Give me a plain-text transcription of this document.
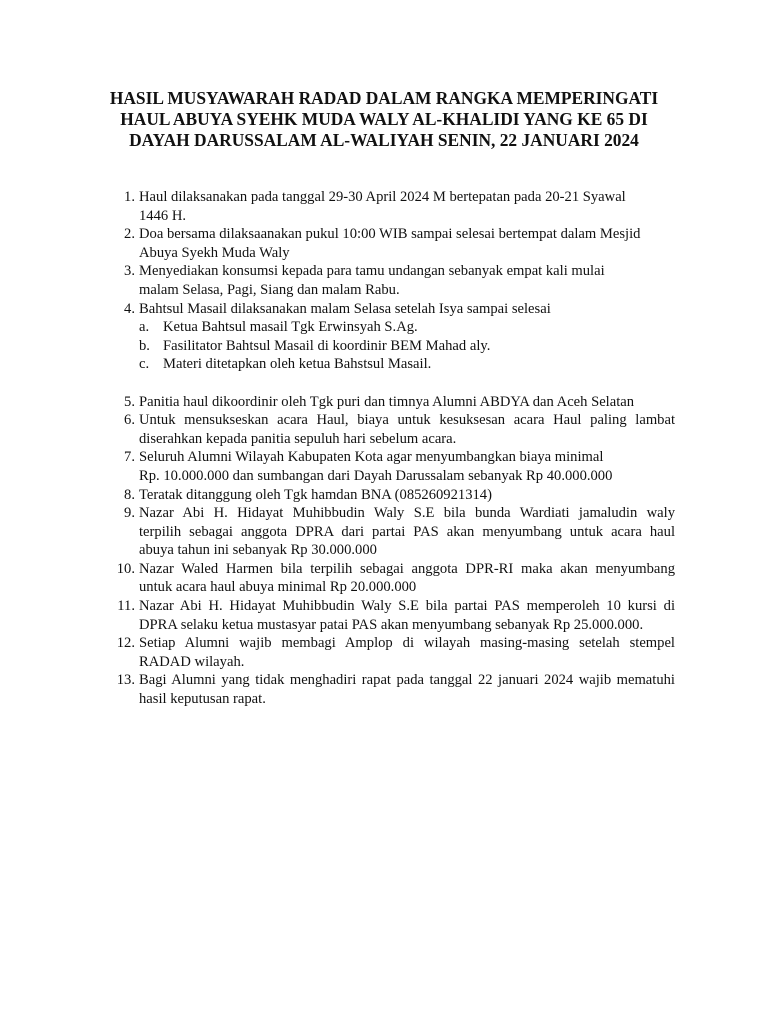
HASIL MUSYAWARAH RADAD DALAM RANGKA MEMPERINGATI
HAUL ABUYA SYEHK MUDA WALY AL-KHALIDI YANG KE 65 DI
DAYAH DARUSSALAM AL-WALIYAH SENIN, 22 JANUARI 2024
1. Haul dilaksanakan pada tanggal 29-30 April 2024 M bertepatan pada 20-21 Syawal
1446 H.
2. Doa bersama dilaksaanakan pukul 10:00 WIB sampai selesai bertempat dalam Mesjid
Abuya Syekh Muda Waly
3. Menyediakan konsumsi kepada para tamu undangan sebanyak empat kali mulai
malam Selasa, Pagi, Siang dan malam Rabu.
4. Bahtsul Masail dilaksanakan malam Selasa setelah Isya sampai selesai
a. Ketua Bahtsul masail Tgk Erwinsyah S.Ag.
b. Fasilitator Bahtsul Masail di koordinir BEM Mahad aly.
c. Materi ditetapkan oleh ketua Bahstsul Masail.
5. Panitia haul dikoordinir oleh Tgk puri dan timnya Alumni ABDYA dan Aceh Selatan
6. Untuk mensukseskan acara Haul, biaya untuk kesuksesan acara Haul paling lambat
diserahkan kepada panitia sepuluh hari sebelum acara.
7. Seluruh Alumni Wilayah Kabupaten Kota agar menyumbangkan biaya minimal
Rp. 10.000.000 dan sumbangan dari Dayah Darussalam sebanyak Rp 40.000.000
8. Teratak ditanggung oleh Tgk hamdan BNA (085260921314)
9. Nazar Abi H. Hidayat Muhibbudin Waly S.E bila bunda Wardiati jamaludin waly
terpilih sebagai anggota DPRA dari partai PAS akan menyumbang untuk acara haul
abuya tahun ini sebanyak Rp 30.000.000
10. Nazar Waled Harmen bila terpilih sebagai anggota DPR-RI maka akan menyumbang
untuk acara haul abuya minimal Rp 20.000.000
11. Nazar Abi H. Hidayat Muhibbudin Waly S.E bila partai PAS memperoleh 10 kursi di
DPRA selaku ketua mustasyar patai PAS akan menyumbang sebanyak Rp 25.000.000.
12. Setiap Alumni wajib membagi Amplop di wilayah masing-masing setelah stempel
RADAD wilayah.
13. Bagi Alumni yang tidak menghadiri rapat pada tanggal 22 januari 2024 wajib mematuhi
hasil keputusan rapat.
